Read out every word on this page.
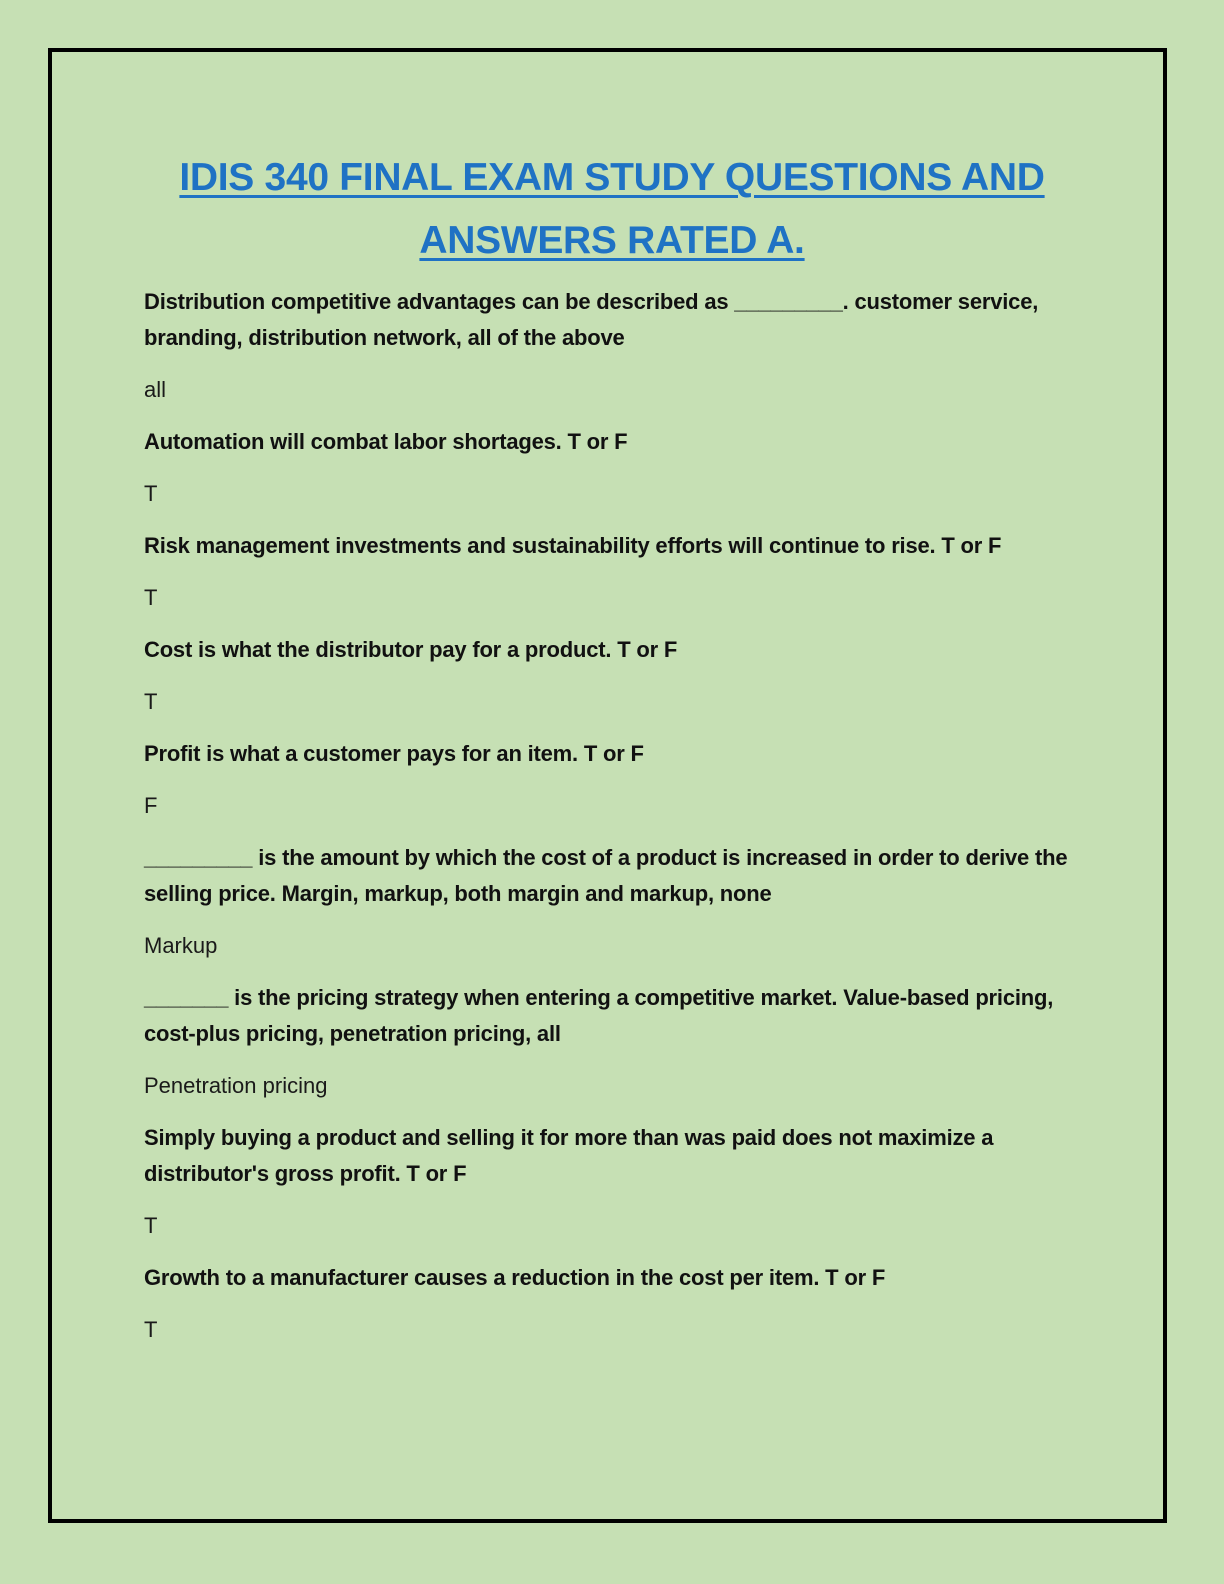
IDIS 340 FINAL EXAM STUDY QUESTIONS AND ANSWERS RATED A.

Distribution competitive advantages can be described as _________. customer service, branding, distribution network, all of the above

all

Automation will combat labor shortages. T or F

T

Risk management investments and sustainability efforts will continue to rise. T or F

T

Cost is what the distributor pay for a product. T or F

T

Profit is what a customer pays for an item. T or F

F

_________ is the amount by which the cost of a product is increased in order to derive the selling price. Margin, markup, both margin and markup, none

Markup

_______ is the pricing strategy when entering a competitive market. Value-based pricing, cost-plus pricing, penetration pricing, all

Penetration pricing

Simply buying a product and selling it for more than was paid does not maximize a distributor's gross profit. T or F

T

Growth to a manufacturer causes a reduction in the cost per item. T or F

T
